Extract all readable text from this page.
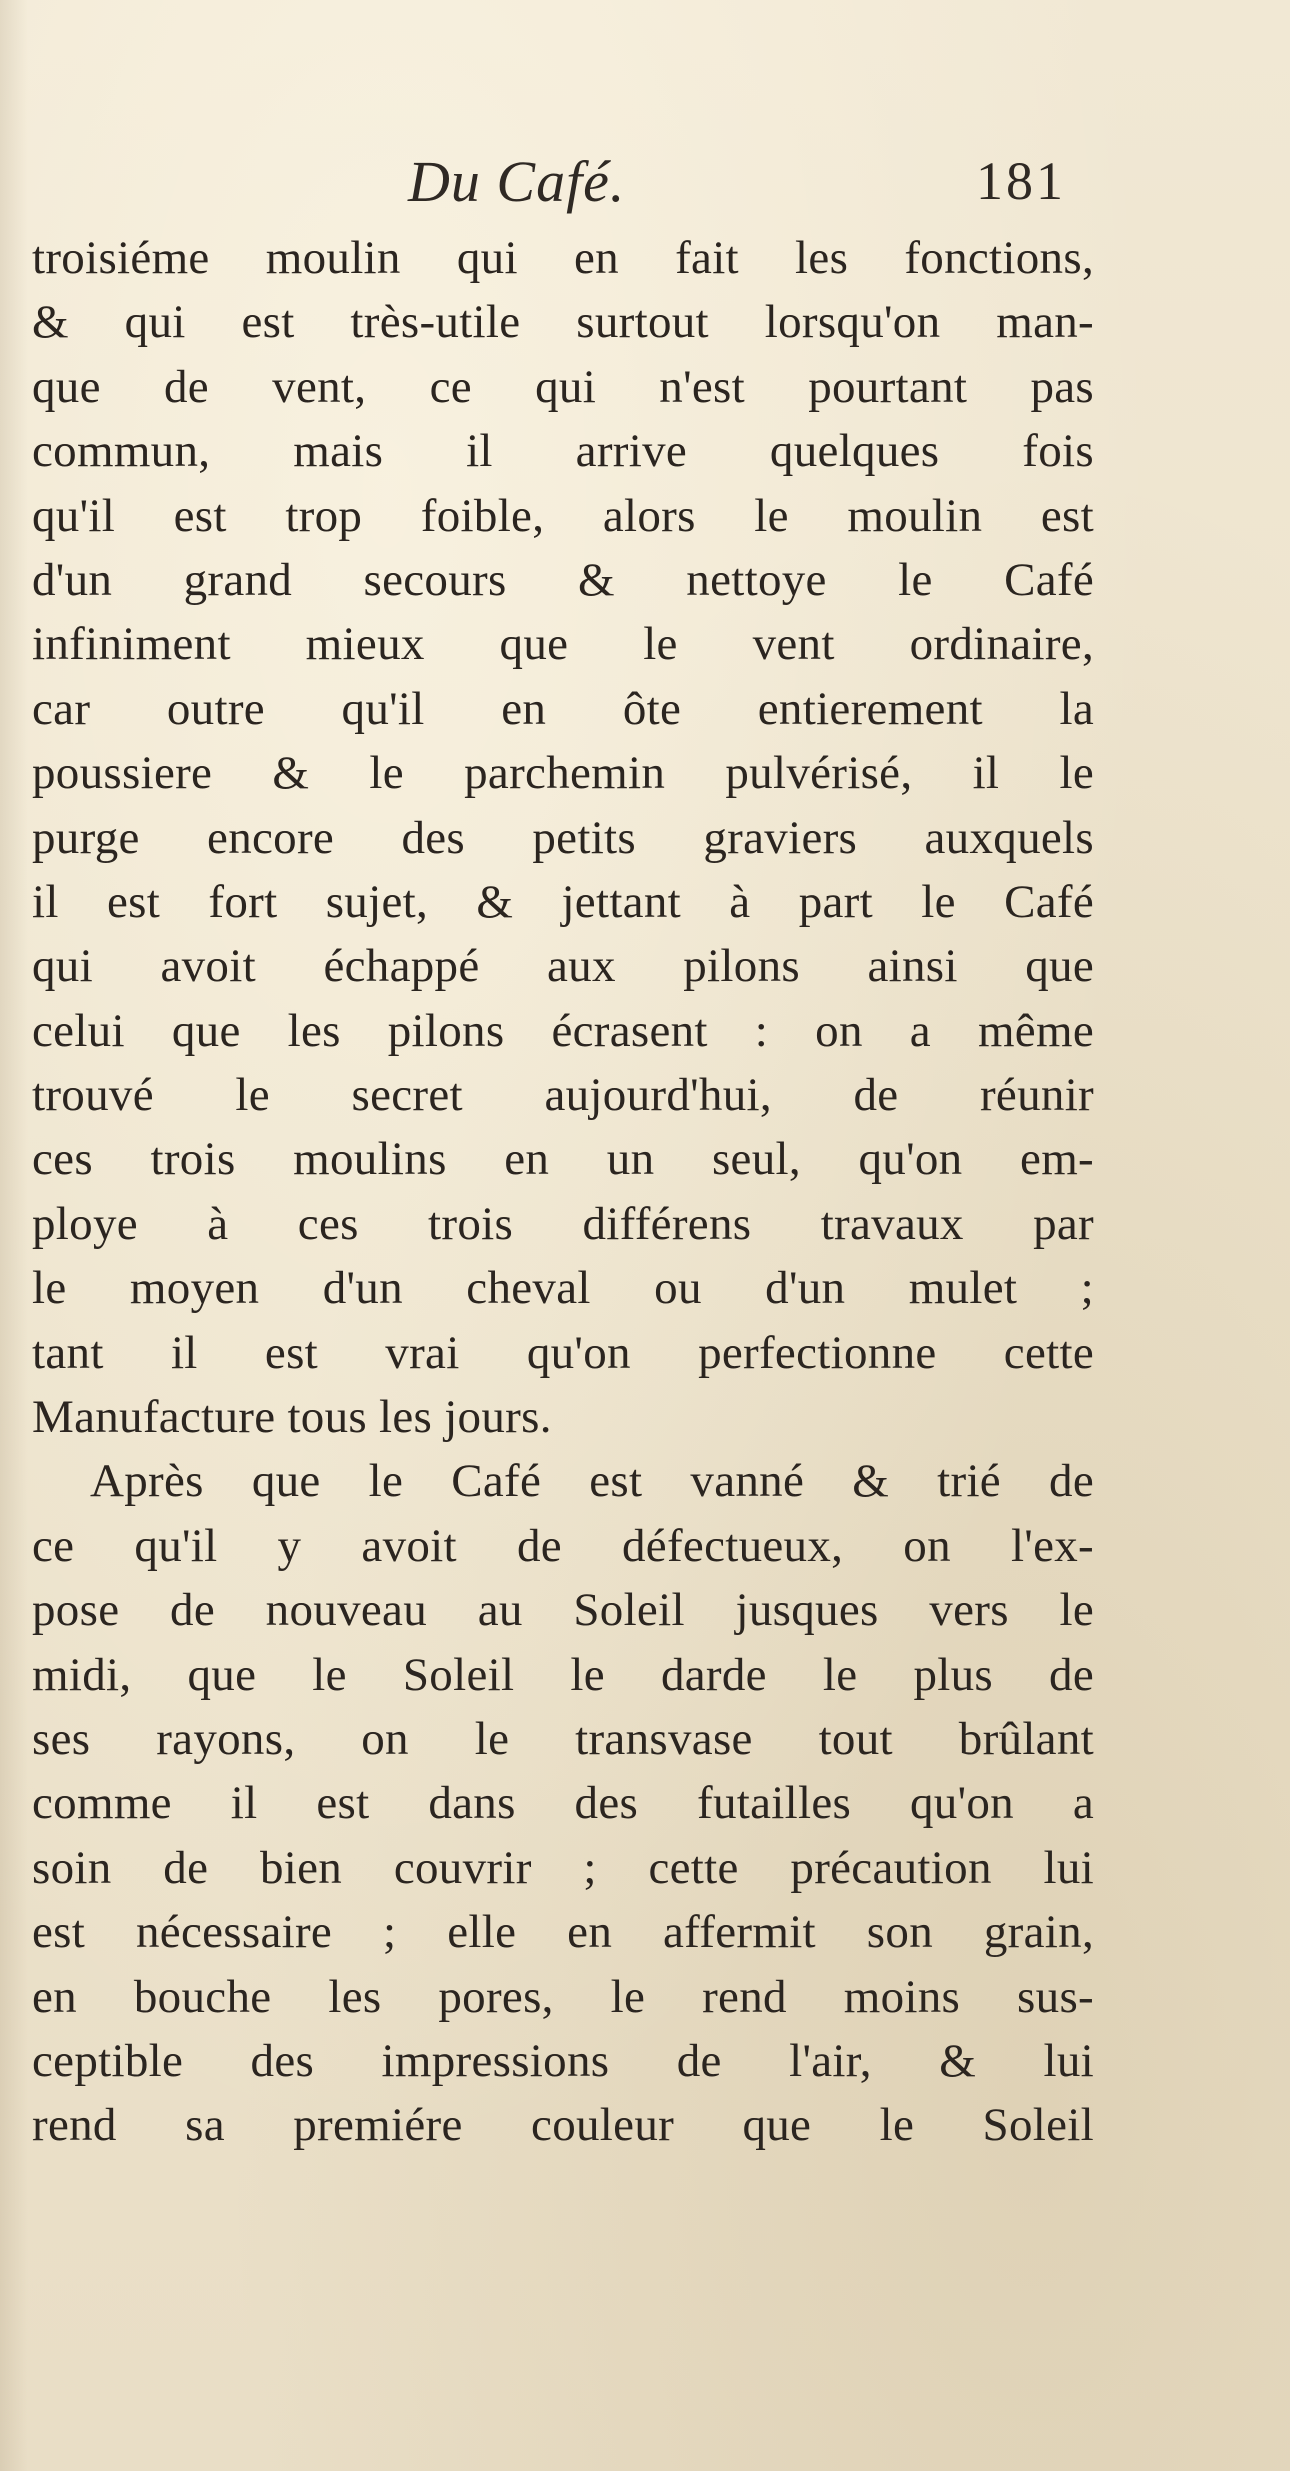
Du Café.	181
troisiéme moulin qui en fait les fonctions,
& qui est très-utile surtout lorsqu'on man-
que de vent, ce qui n'est pourtant pas
commun, mais il arrive quelques fois
qu'il est trop foible, alors le moulin est
d'un grand secours & nettoye le Café
infiniment mieux que le vent ordinaire,
car outre qu'il en ôte entierement la
poussiere & le parchemin pulvérisé, il le
purge encore des petits graviers auxquels
il est fort sujet, & jettant à part le Café
qui avoit échappé aux pilons ainsi que
celui que les pilons écrasent : on a même
trouvé le secret aujourd'hui, de réunir
ces trois moulins en un seul, qu'on em-
ploye à ces trois différens travaux par
le moyen d'un cheval ou d'un mulet ;
tant il est vrai qu'on perfectionne cette
Manufacture tous les jours.
Après que le Café est vanné & trié de
ce qu'il y avoit de défectueux, on l'ex-
pose de nouveau au Soleil jusques vers le
midi, que le Soleil le darde le plus de
ses rayons, on le transvase tout brûlant
comme il est dans des futailles qu'on a
soin de bien couvrir ; cette précaution lui
est nécessaire ; elle en affermit son grain,
en bouche les pores, le rend moins sus-
ceptible des impressions de l'air, & lui
rend sa premiére couleur que le Soleil
